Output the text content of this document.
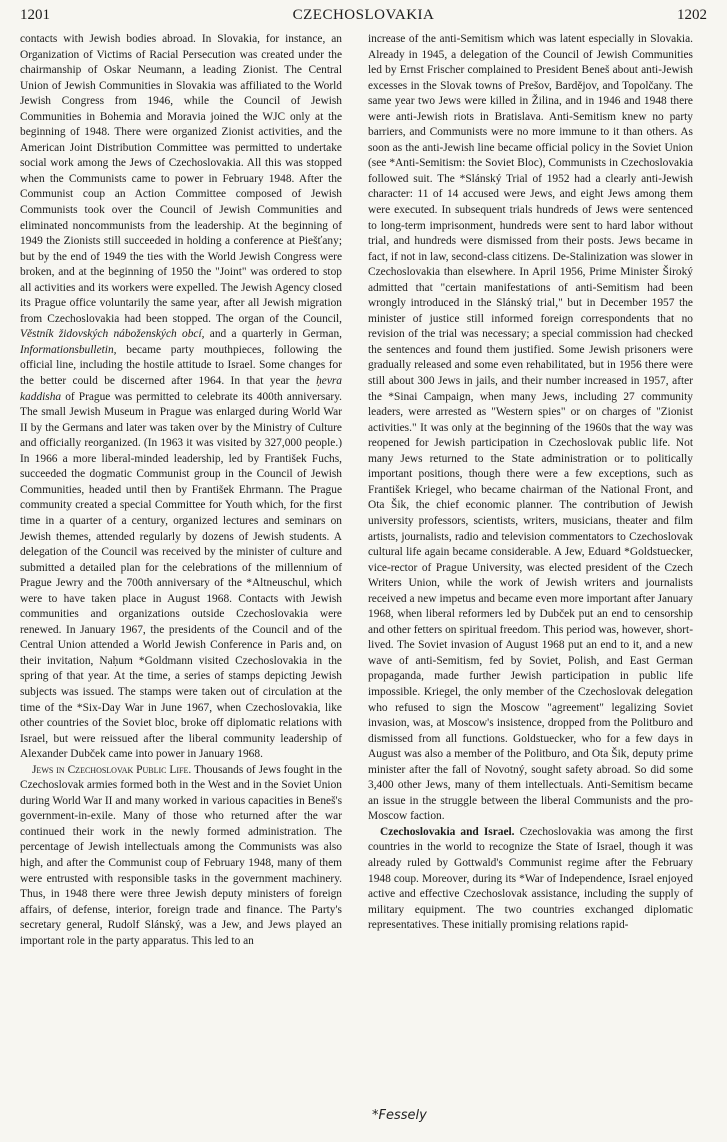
1201	CZECHOSLOVAKIA	1202

contacts with Jewish bodies abroad. In Slovakia, for instance, an Organization of Victims of Racial Persecution was created under the chairmanship of Oskar Neumann, a leading Zionist. The Central Union of Jewish Communities in Slovakia was affiliated to the World Jewish Congress from 1946, while the Council of Jewish Communities in Bohemia and Moravia joined the WJC only at the beginning of 1948. There were organized Zionist activities, and the American Joint Distribution Committee was permitted to undertake social work among the Jews of Czechoslovakia. All this was stopped when the Communists came to power in February 1948. After the Communist coup an Action Committee composed of Jewish Communists took over the Council of Jewish Communities and eliminated noncommunists from the leadership. At the beginning of 1949 the Zionists still succeeded in holding a conference at Piešťany; but by the end of 1949 the ties with the World Jewish Congress were broken, and at the beginning of 1950 the "Joint" was ordered to stop all activities and its workers were expelled. The Jewish Agency closed its Prague office voluntarily the same year, after all Jewish migration from Czechoslovakia had been stopped. The organ of the Council, Věstník židovských náboženských obcí, and a quarterly in German, Informationsbulletin, became party mouthpieces, following the official line, including the hostile attitude to Israel. Some changes for the better could be discerned after 1964. In that year the ḥevra kaddisha of Prague was permitted to celebrate its 400th anniversary. The small Jewish Museum in Prague was enlarged during World War II by the Germans and later was taken over by the Ministry of Culture and officially reorganized. (In 1963 it was visited by 327,000 people.) In 1966 a more liberal-minded leadership, led by František Fuchs, succeeded the dogmatic Communist group in the Council of Jewish Communities, headed until then by František Ehrmann. The Prague community created a special Committee for Youth which, for the first time in a quarter of a century, organized lectures and seminars on Jewish themes, attended regularly by dozens of Jewish students. A delegation of the Council was received by the minister of culture and submitted a detailed plan for the celebrations of the millennium of Prague Jewry and the 700th anniversary of the *Altneuschul, which were to have taken place in August 1968. Contacts with Jewish communities and organizations outside Czechoslovakia were renewed. In January 1967, the presidents of the Council and of the Central Union attended a World Jewish Conference in Paris and, on their invitation, Naḥum *Goldmann visited Czechoslovakia in the spring of that year. At the time, a series of stamps depicting Jewish subjects was issued. The stamps were taken out of circulation at the time of the *Six-Day War in June 1967, when Czechoslovakia, like other countries of the Soviet bloc, broke off diplomatic relations with Israel, but were reissued after the liberal community leadership of Alexander Dubček came into power in January 1968.

Jews in Czechoslovak Public Life. Thousands of Jews fought in the Czechoslovak armies formed both in the West and in the Soviet Union during World War II and many worked in various capacities in Beneš's government-in-exile. Many of those who returned after the war continued their work in the newly formed administration. The percentage of Jewish intellectuals among the Communists was also high, and after the Communist coup of February 1948, many of them were entrusted with responsible tasks in the government machinery. Thus, in 1948 there were three Jewish deputy ministers of foreign affairs, of defense, interior, foreign trade and finance. The Party's secretary general, Rudolf Slánský, was a Jew, and Jews played an important role in the party apparatus. This led to an

increase of the anti-Semitism which was latent especially in Slovakia. Already in 1945, a delegation of the Council of Jewish Communities led by Ernst Frischer complained to President Beneš about anti-Jewish excesses in the Slovak towns of Prešov, Bardějov, and Topolčany. The same year two Jews were killed in Žilina, and in 1946 and 1948 there were anti-Jewish riots in Bratislava. Anti-Semitism knew no party barriers, and Communists were no more immune to it than others. As soon as the anti-Jewish line became official policy in the Soviet Union (see *Anti-Semitism: the Soviet Bloc), Communists in Czechoslovakia followed suit. The *Slánský Trial of 1952 had a clearly anti-Jewish character: 11 of 14 accused were Jews, and eight Jews among them were executed. In subsequent trials hundreds of Jews were sentenced to long-term imprisonment, hundreds were sent to hard labor without trial, and hundreds were dismissed from their posts. Jews became in fact, if not in law, second-class citizens. De-Stalinization was slower in Czechoslovakia than elsewhere. In April 1956, Prime Minister Široký admitted that "certain manifestations of anti-Semitism had been wrongly introduced in the Slánský trial," but in December 1957 the minister of justice still informed foreign correspondents that no revision of the trial was necessary; a special commission had checked the sentences and found them justified. Some Jewish prisoners were gradually released and some even rehabilitated, but in 1956 there were still about 300 Jews in jails, and their number increased in 1957, after the *Sinai Campaign, when many Jews, including 27 community leaders, were arrested as "Western spies" or on charges of "Zionist activities." It was only at the beginning of the 1960s that the way was reopened for Jewish participation in Czechoslovak public life. Not many Jews returned to the State administration or to politically important positions, though there were a few exceptions, such as František Kriegel, who became chairman of the National Front, and Ota Šik, the chief economic planner. The contribution of Jewish university professors, scientists, writers, musicians, theater and film artists, journalists, radio and television commentators to Czechoslovak cultural life again became considerable. A Jew, Eduard *Goldstuecker, vice-rector of Prague University, was elected president of the Czech Writers Union, while the work of Jewish writers and journalists received a new impetus and became even more important after January 1968, when liberal reformers led by Dubček put an end to censorship and other fetters on spiritual freedom. This period was, however, short-lived. The Soviet invasion of August 1968 put an end to it, and a new wave of anti-Semitism, fed by Soviet, Polish, and East German propaganda, made further Jewish participation in public life impossible. Kriegel, the only member of the Czechoslovak delegation who refused to sign the Moscow "agreement" legalizing Soviet invasion, was, at Moscow's insistence, dropped from the Politburo and dismissed from all functions. Goldstuecker, who for a few days in August was also a member of the Politburo, and Ota Šik, deputy prime minister after the fall of Novotný, sought safety abroad. So did some 3,400 other Jews, many of them intellectuals. Anti-Semitism became an issue in the struggle between the liberal Communists and the pro-Moscow faction.

Czechoslovakia and Israel. Czechoslovakia was among the first countries in the world to recognize the State of Israel, though it was already ruled by Gottwald's Communist regime after the February 1948 coup. Moreover, during its *War of Independence, Israel enjoyed active and effective Czechoslovak assistance, including the supply of military equipment. The two countries exchanged diplomatic representatives. These initially promising relations rapid-

*Fessely
